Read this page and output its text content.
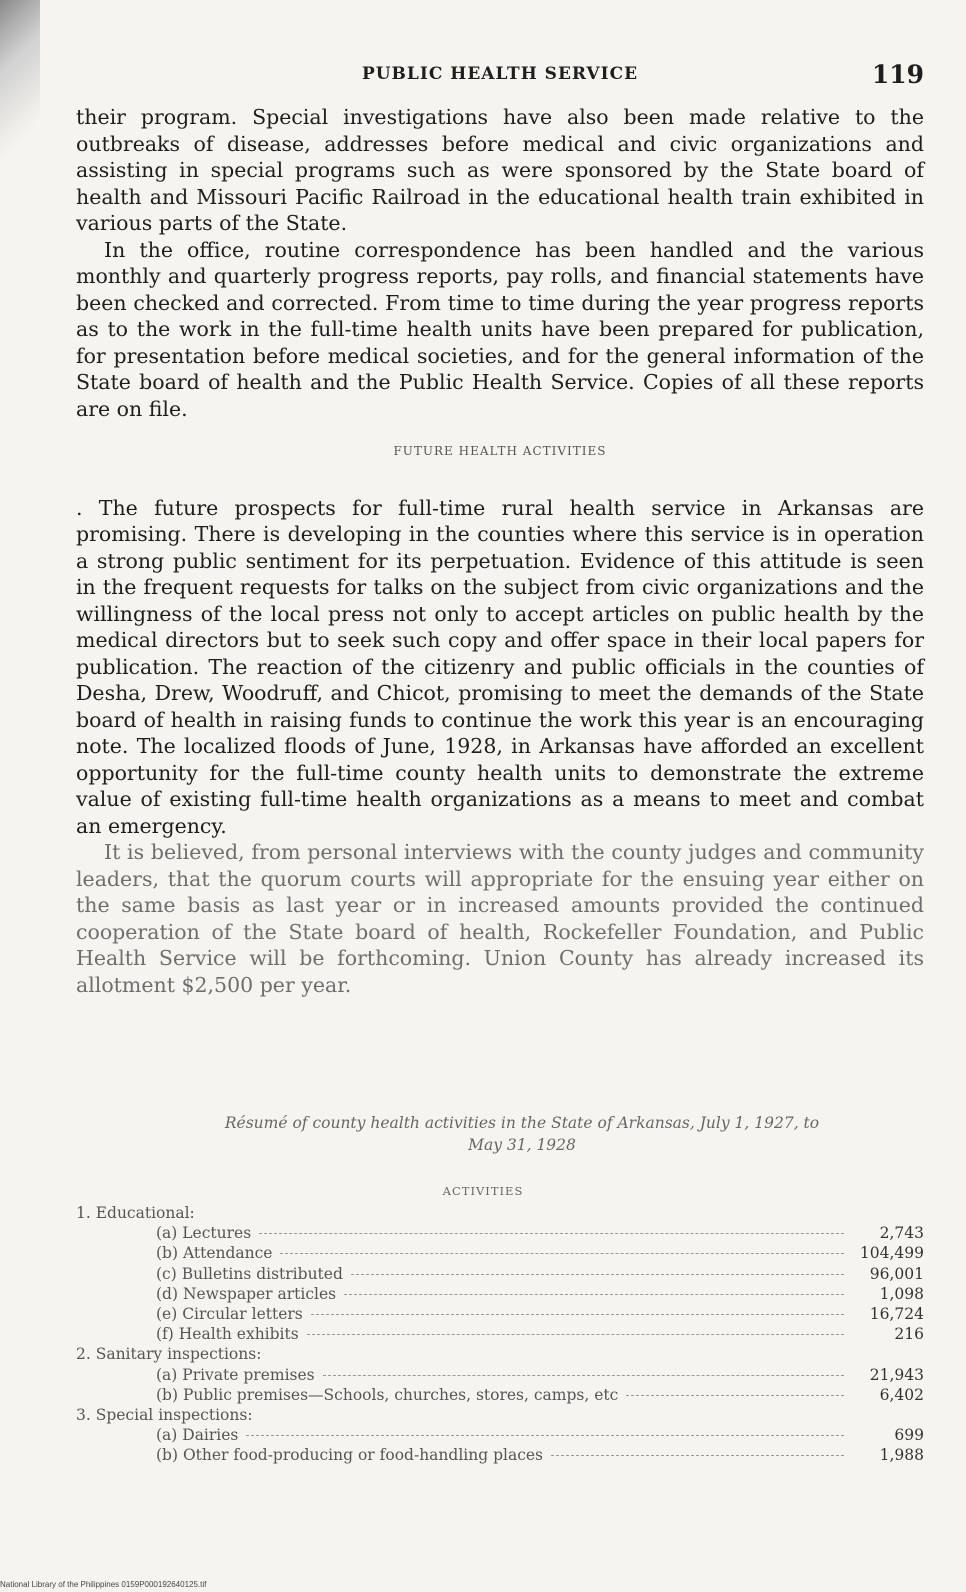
PUBLIC HEALTH SERVICE	119

their program. Special investigations have also been made relative to the outbreaks of disease, addresses before medical and civic organizations and assisting in special programs such as were sponsored by the State board of health and Missouri Pacific Railroad in the educational health train exhibited in various parts of the State.

In the office, routine correspondence has been handled and the various monthly and quarterly progress reports, pay rolls, and financial statements have been checked and corrected. From time to time during the year progress reports as to the work in the full-time health units have been prepared for publication, for presentation before medical societies, and for the general information of the State board of health and the Public Health Service. Copies of all these reports are on file.

FUTURE HEALTH ACTIVITIES

. The future prospects for full-time rural health service in Arkansas are promising. There is developing in the counties where this service is in operation a strong public sentiment for its perpetuation. Evidence of this attitude is seen in the frequent requests for talks on the subject from civic organizations and the willingness of the local press not only to accept articles on public health by the medical directors but to seek such copy and offer space in their local papers for publication. The reaction of the citizenry and public officials in the counties of Desha, Drew, Woodruff, and Chicot, promising to meet the demands of the State board of health in raising funds to continue the work this year is an encouraging note. The localized floods of June, 1928, in Arkansas have afforded an excellent opportunity for the full-time county health units to demonstrate the extreme value of existing full-time health organizations as a means to meet and combat an emergency.

It is believed, from personal interviews with the county judges and community leaders, that the quorum courts will appropriate for the ensuing year either on the same basis as last year or in increased amounts provided the continued cooperation of the State board of health, Rockefeller Foundation, and Public Health Service will be forthcoming. Union County has already increased its allotment $2,500 per year.

Résumé of county health activities in the State of Arkansas, July 1, 1927, to
May 31, 1928
ACTIVITIES
1. Educational:
(a) Lectures	2,743
(b) Attendance	104,499
(c) Bulletins distributed	96,001
(d) Newspaper articles	1,098
(e) Circular letters	16,724
(f) Health exhibits	216
2. Sanitary inspections:
(a) Private premises	21,943
(b) Public premises—Schools, churches, stores, camps, etc	6,402
3. Special inspections:
(a) Dairies	699
(b) Other food-producing or food-handling places	1,988
National Library of the Philippines 0159P000192640125.tif
